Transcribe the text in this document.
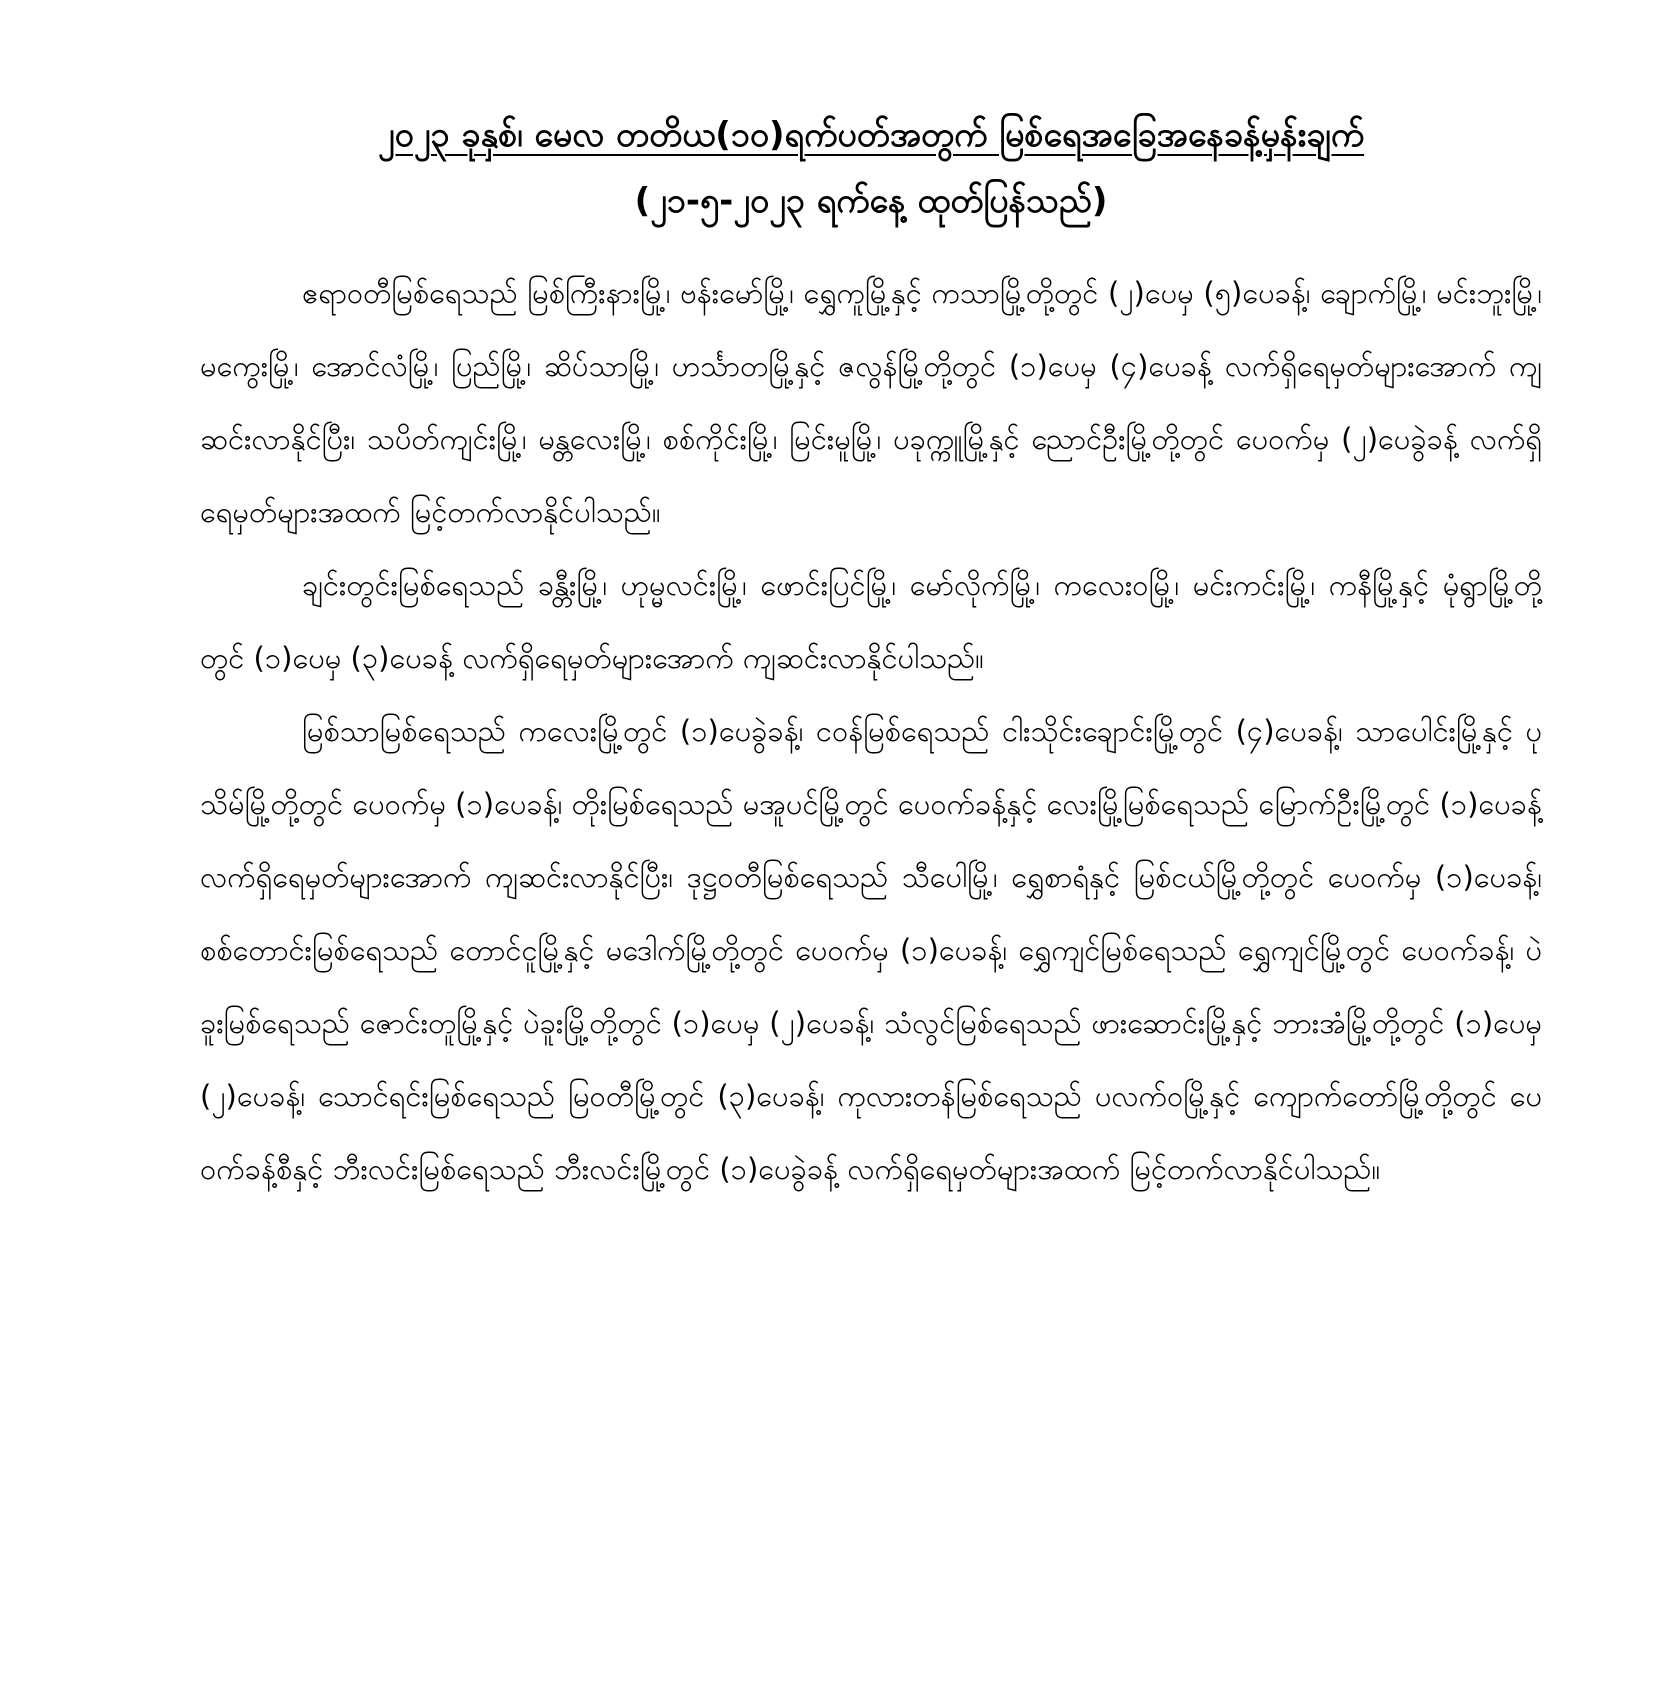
၂၀၂၃ ခုနှစ်၊ မေလ တတိယ(၁၀)ရက်ပတ်အတွက် မြစ်ရေအခြေအနေခန့်မှန်းချက်
(၂၁-၅-၂၀၂၃ ရက်နေ့ ထုတ်ပြန်သည်)

ဧရာဝတီမြစ်ရေသည် မြစ်ကြီးနားမြို့၊ ဗန်းမော်မြို့၊ ရွှေကူမြို့နှင့် ကသာမြို့တို့တွင် (၂)ပေမှ (၅)ပေခန့်၊ ချောက်မြို့၊ မင်းဘူးမြို့၊ မကွေးမြို့၊ အောင်လံမြို့၊ ပြည်မြို့၊ ဆိပ်သာမြို့၊ ဟင်္သာတမြို့နှင့် ဇလွန်မြို့တို့တွင် (၁)ပေမှ (၄)ပေခန့် လက်ရှိရေမှတ်များအောက် ကျဆင်းလာနိုင်ပြီး၊ သပိတ်ကျင်းမြို့၊ မန္တလေးမြို့၊ စစ်ကိုင်းမြို့၊ မြင်းမူမြို့၊ ပခုက္ကူမြို့နှင့် ညောင်ဦးမြို့တို့တွင် ပေဝက်မှ (၂)ပေခွဲခန့် လက်ရှိရေမှတ်များအထက် မြင့်တက်လာနိုင်ပါသည်။

ချင်းတွင်းမြစ်ရေသည် ခန္တီးမြို့၊ ဟုမ္မလင်းမြို့၊ ဖောင်းပြင်မြို့၊ မော်လိုက်မြို့၊ ကလေးဝမြို့၊ မင်းကင်းမြို့၊ ကနီမြို့နှင့် မုံရွာမြို့တို့တွင် (၁)ပေမှ (၃)ပေခန့် လက်ရှိရေမှတ်များအောက် ကျဆင်းလာနိုင်ပါသည်။

မြစ်သာမြစ်ရေသည် ကလေးမြို့တွင် (၁)ပေခွဲခန့်၊ ငဝန်မြစ်ရေသည် ငါးသိုင်းချောင်းမြို့တွင် (၄)ပေခန့်၊ သာပေါင်းမြို့နှင့် ပုသိမ်မြို့တို့တွင် ပေဝက်မှ (၁)ပေခန့်၊ တိုးမြစ်ရေသည် မအူပင်မြို့တွင် ပေဝက်ခန့်နှင့် လေးမြို့မြစ်ရေသည် မြောက်ဦးမြို့တွင် (၁)ပေခန့် လက်ရှိရေမှတ်များအောက် ကျဆင်းလာနိုင်ပြီး၊ ဒုဋ္ဌဝတီမြစ်ရေသည် သီပေါမြို့၊ ရွှေစာရံနှင့် မြစ်ငယ်မြို့တို့တွင် ပေဝက်မှ (၁)ပေခန့်၊ စစ်တောင်းမြစ်ရေသည် တောင်ငူမြို့နှင့် မဒေါက်မြို့တို့တွင် ပေဝက်မှ (၁)ပေခန့်၊ ရွှေကျင်မြစ်ရေသည် ရွှေကျင်မြို့တွင် ပေဝက်ခန့်၊ ပဲခူးမြစ်ရေသည် ဇောင်းတူမြို့နှင့် ပဲခူးမြို့တို့တွင် (၁)ပေမှ (၂)ပေခန့်၊ သံလွင်မြစ်ရေသည် ဖားဆောင်းမြို့နှင့် ဘားအံမြို့တို့တွင် (၁)ပေမှ (၂)ပေခန့်၊ သောင်ရင်းမြစ်ရေသည် မြဝတီမြို့တွင် (၃)ပေခန့်၊ ကုလားတန်မြစ်ရေသည် ပလက်ဝမြို့နှင့် ကျောက်တော်မြို့တို့တွင် ပေဝက်ခန့်စီနှင့် ဘီးလင်းမြစ်ရေသည် ဘီးလင်းမြို့တွင် (၁)ပေခွဲခန့် လက်ရှိရေမှတ်များအထက် မြင့်တက်လာနိုင်ပါသည်။
